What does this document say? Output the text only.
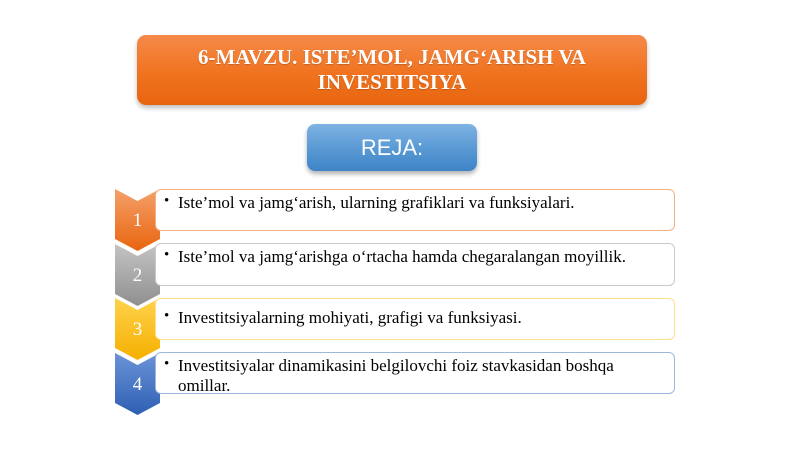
6-MAVZU. ISTE’MOL, JAMG‘ARISH VA INVESTITSIYA
REJA:
1
• Iste’mol va jamg‘arish, ularning grafiklari va funksiyalari.
2
• Iste’mol va jamg‘arishga o‘rtacha hamda chegaralangan moyillik.
3
• Investitsiyalarning mohiyati, grafigi va funksiyasi.
4
• Investitsiyalar dinamikasini belgilovchi foiz stavkasidan boshqa omillar.
